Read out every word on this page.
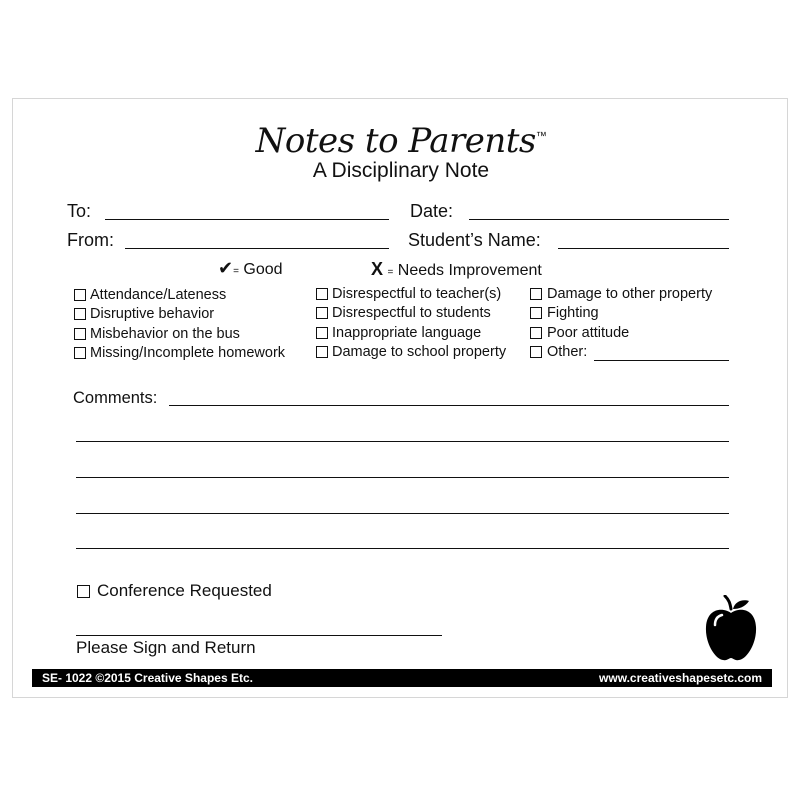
Notes to Parents™
A Disciplinary Note
To:	Date:
From:	Student’s Name:
✔= Good	X = Needs Improvement
Attendance/Lateness
Disruptive behavior
Misbehavior on the bus
Missing/Incomplete homework
Disrespectful to teacher(s)
Disrespectful to students
Inappropriate language
Damage to school property
Damage to other property
Fighting
Poor attitude
Other:
Comments:
Conference Requested
Please Sign and Return
SE- 1022 ©2015 Creative Shapes Etc.	www.creativeshapesetc.com
